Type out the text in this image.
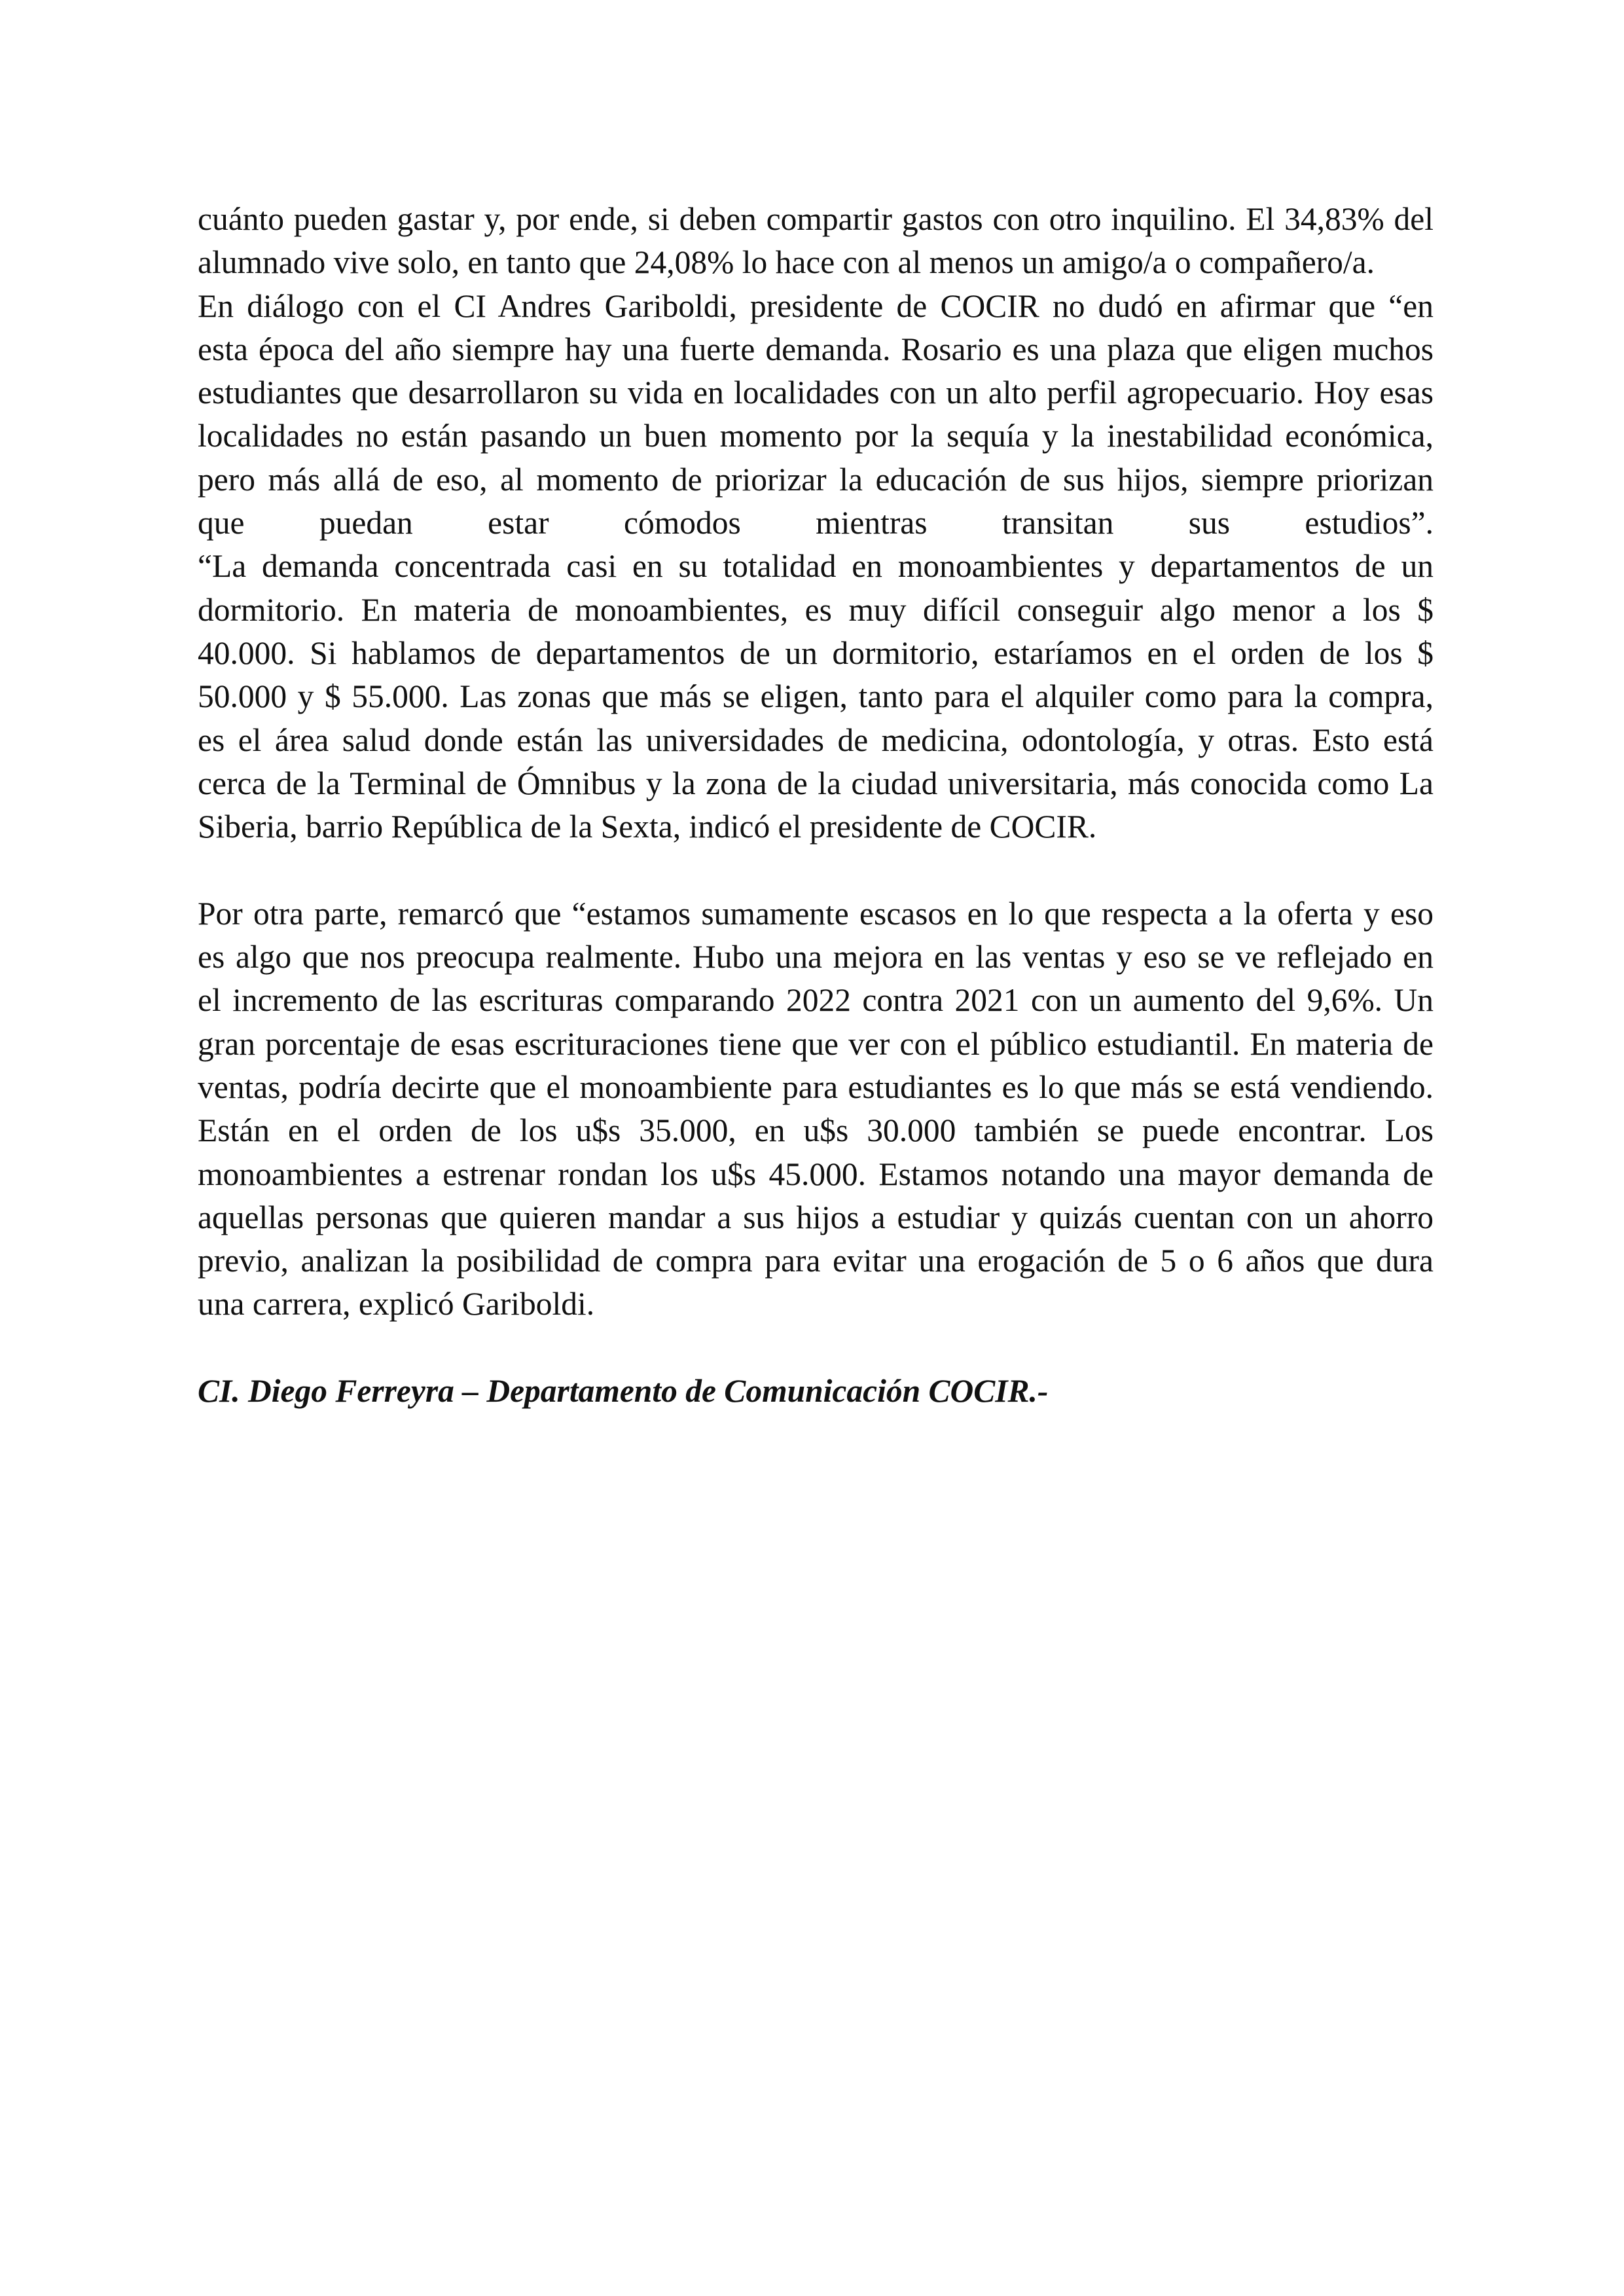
cuánto pueden gastar y, por ende, si deben compartir gastos con otro inquilino. El 34,83% del
alumnado vive solo, en tanto que 24,08% lo hace con al menos un amigo/a o compañero/a.
En diálogo con el CI Andres Gariboldi, presidente de COCIR no dudó en afirmar que “en
esta época del año siempre hay una fuerte demanda. Rosario es una plaza que eligen muchos
estudiantes que desarrollaron su vida en localidades con un alto perfil agropecuario. Hoy esas
localidades no están pasando un buen momento por la sequía y la inestabilidad económica,
pero más allá de eso, al momento de priorizar la educación de sus hijos, siempre priorizan
que puedan estar cómodos mientras transitan sus estudios”.
“La demanda concentrada casi en su totalidad en monoambientes y departamentos de un
dormitorio. En materia de monoambientes, es muy difícil conseguir algo menor a los $
40.000. Si hablamos de departamentos de un dormitorio, estaríamos en el orden de los $
50.000 y $ 55.000. Las zonas que más se eligen, tanto para el alquiler como para la compra,
es el área salud donde están las universidades de medicina, odontología, y otras. Esto está
cerca de la Terminal de Ómnibus y la zona de la ciudad universitaria, más conocida como La
Siberia, barrio República de la Sexta, indicó el presidente de COCIR.
Por otra parte, remarcó que “estamos sumamente escasos en lo que respecta a la oferta y eso
es algo que nos preocupa realmente. Hubo una mejora en las ventas y eso se ve reflejado en
el incremento de las escrituras comparando 2022 contra 2021 con un aumento del 9,6%. Un
gran porcentaje de esas escrituraciones tiene que ver con el público estudiantil. En materia de
ventas, podría decirte que el monoambiente para estudiantes es lo que más se está vendiendo.
Están en el orden de los u$s 35.000, en u$s 30.000 también se puede encontrar. Los
monoambientes a estrenar rondan los u$s 45.000. Estamos notando una mayor demanda de
aquellas personas que quieren mandar a sus hijos a estudiar y quizás cuentan con un ahorro
previo, analizan la posibilidad de compra para evitar una erogación de 5 o 6 años que dura
una carrera, explicó Gariboldi.
CI. Diego Ferreyra – Departamento de Comunicación COCIR.-
